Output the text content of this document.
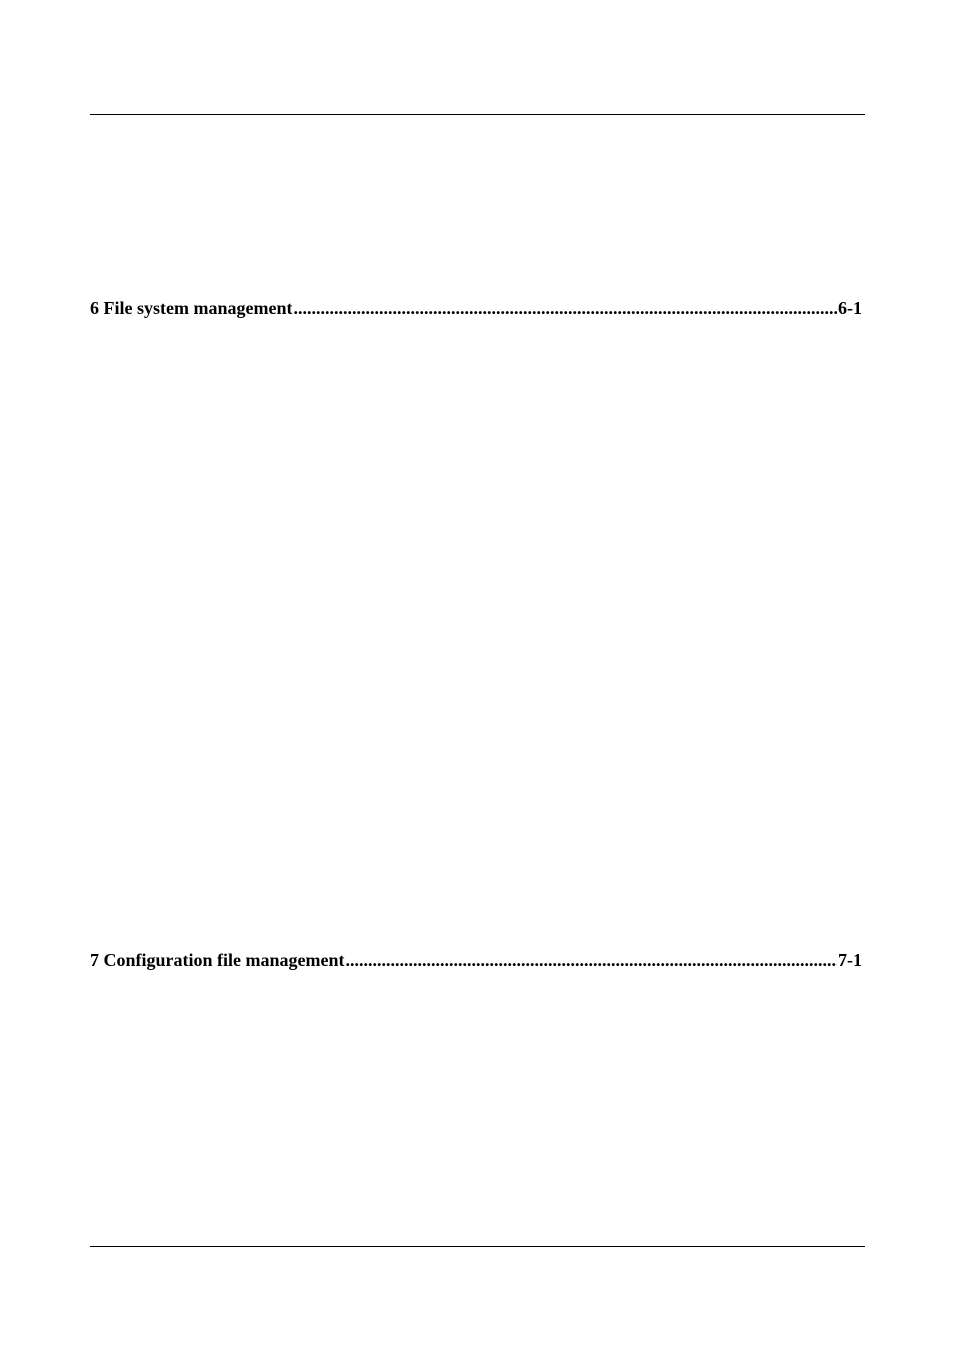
6 File system management .....	6-1
7 Configuration file management .....	7-1
